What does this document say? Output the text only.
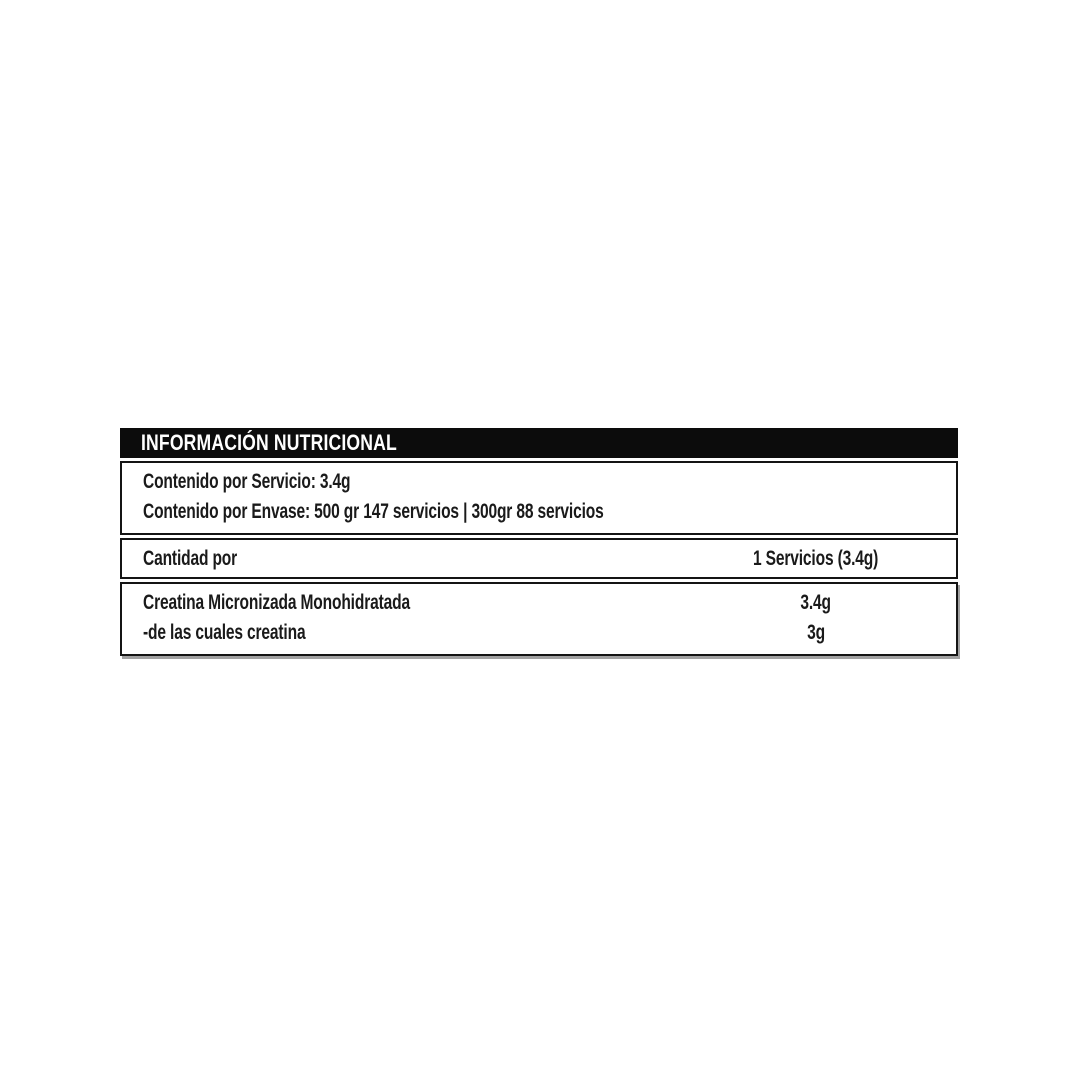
INFORMACIÓN NUTRICIONAL
Contenido por Servicio: 3.4g
Contenido por Envase: 500 gr 147 servicios | 300gr 88 servicios
Cantidad por	1 Servicios (3.4g)
Creatina Micronizada Monohidratada	3.4g
-de las cuales creatina	3g
